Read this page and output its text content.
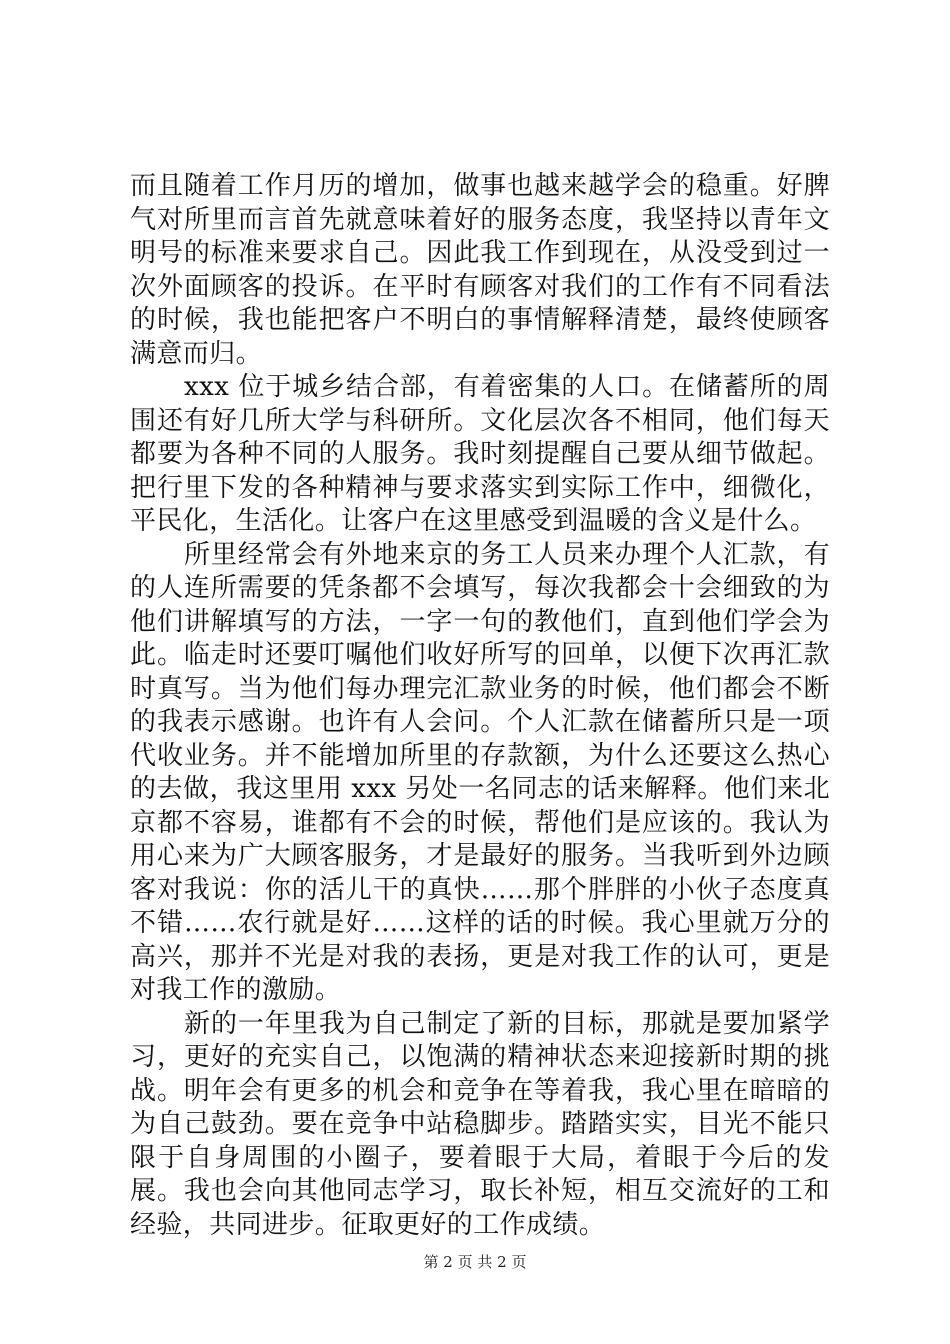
而且随着工作月历的增加，做事也越来越学会的稳重。好脾气对所里而言首先就意味着好的服务态度，我坚持以青年文明号的标准来要求自己。因此我工作到现在，从没受到过一次外面顾客的投诉。在平时有顾客对我们的工作有不同看法的时候，我也能把客户不明白的事情解释清楚，最终使顾客满意而归。

xxx 位于城乡结合部，有着密集的人口。在储蓄所的周围还有好几所大学与科研所。文化层次各不相同，他们每天都要为各种不同的人服务。我时刻提醒自己要从细节做起。把行里下发的各种精神与要求落实到实际工作中，细微化，平民化，生活化。让客户在这里感受到温暖的含义是什么。

所里经常会有外地来京的务工人员来办理个人汇款，有的人连所需要的凭条都不会填写，每次我都会十会细致的为他们讲解填写的方法，一字一句的教他们，直到他们学会为此。临走时还要叮嘱他们收好所写的回单，以便下次再汇款时真写。当为他们每办理完汇款业务的时候，他们都会不断的我表示感谢。也许有人会问。个人汇款在储蓄所只是一项代收业务。并不能增加所里的存款额，为什么还要这么热心的去做，我这里用 xxx 另处一名同志的话来解释。他们来北京都不容易，谁都有不会的时候，帮他们是应该的。我认为用心来为广大顾客服务，才是最好的服务。当我听到外边顾客对我说：你的活儿干的真快……那个胖胖的小伙子态度真不错……农行就是好……这样的话的时候。我心里就万分的高兴，那并不光是对我的表扬，更是对我工作的认可，更是对我工作的激励。

新的一年里我为自己制定了新的目标，那就是要加紧学习，更好的充实自己，以饱满的精神状态来迎接新时期的挑战。明年会有更多的机会和竞争在等着我，我心里在暗暗的为自己鼓劲。要在竞争中站稳脚步。踏踏实实，目光不能只限于自身周围的小圈子，要着眼于大局，着眼于今后的发展。我也会向其他同志学习，取长补短，相互交流好的工和经验，共同进步。征取更好的工作成绩。

第 2 页 共 2 页
